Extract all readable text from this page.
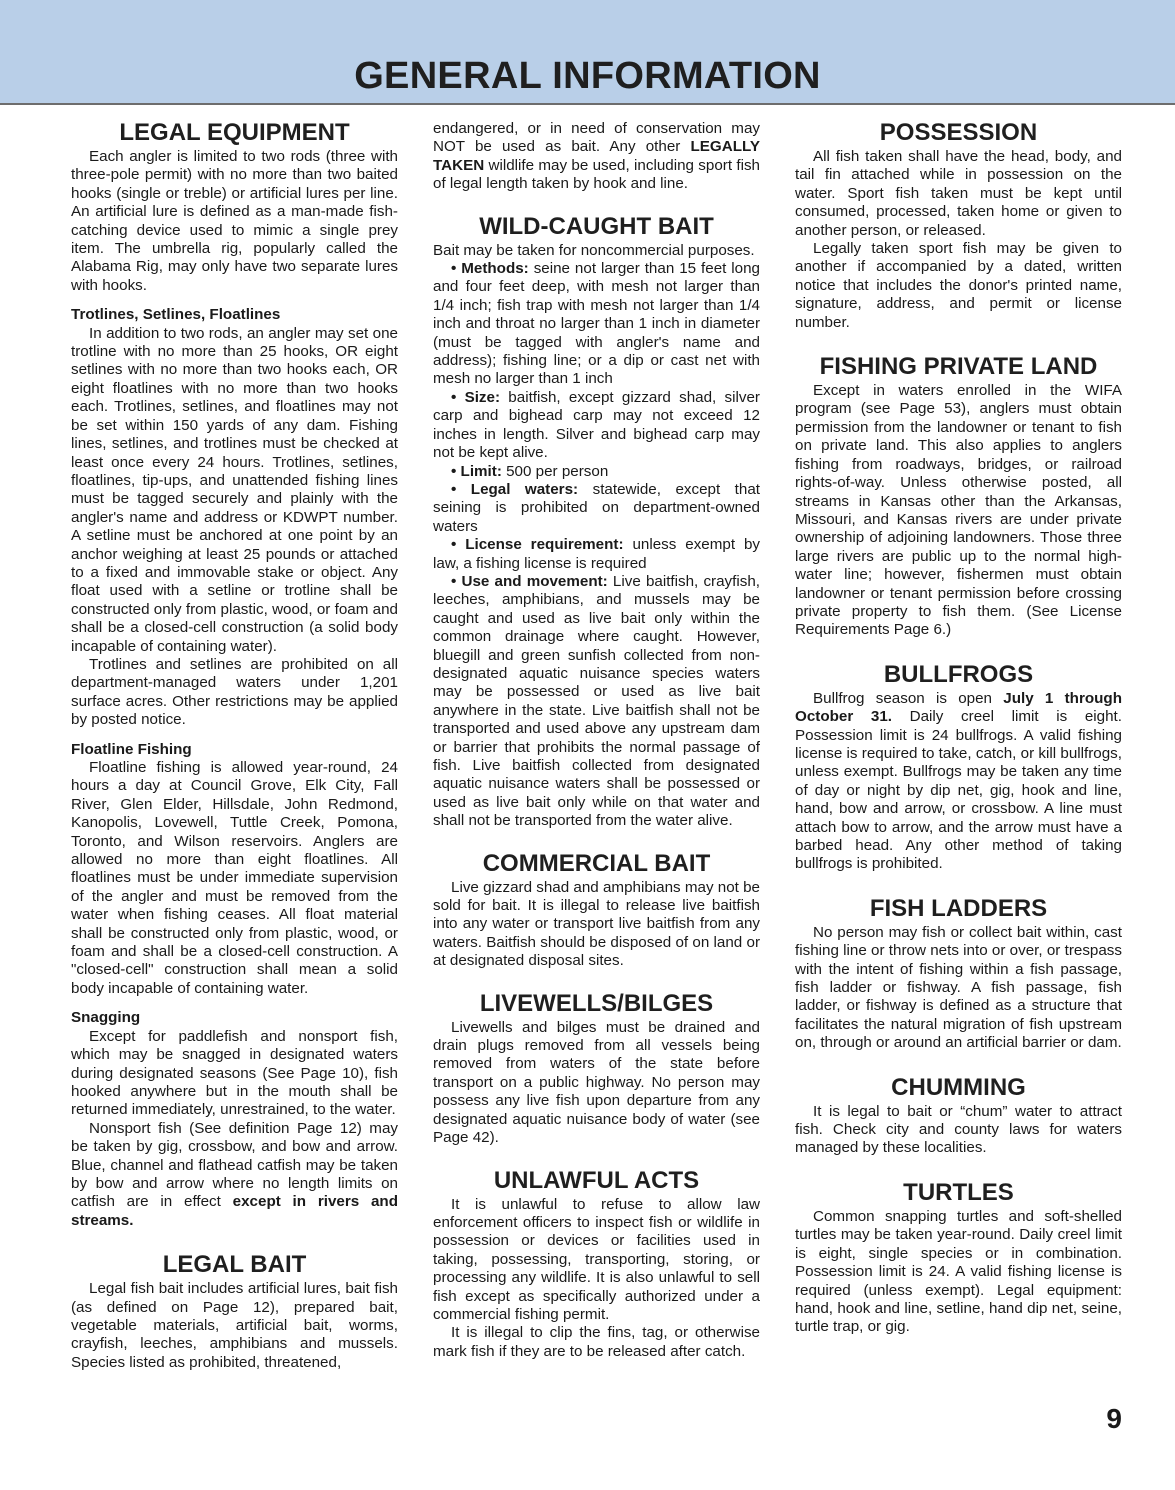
GENERAL INFORMATION
LEGAL EQUIPMENT

Each angler is limited to two rods (three with three-pole permit) with no more than two baited hooks (single or treble) or artificial lures per line. An artificial lure is defined as a man-made fish-catching device used to mimic a single prey item. The umbrella rig, popularly called the Alabama Rig, may only have two separate lures with hooks.

Trotlines, Setlines, Floatlines

In addition to two rods, an angler may set one trotline with no more than 25 hooks, OR eight setlines with no more than two hooks each, OR eight floatlines with no more than two hooks each. Trotlines, setlines, and floatlines may not be set within 150 yards of any dam. Fishing lines, setlines, and trotlines must be checked at least once every 24 hours. Trotlines, setlines, floatlines, tip-ups, and unattended fishing lines must be tagged securely and plainly with the angler's name and address or KDWPT number. A setline must be anchored at one point by an anchor weighing at least 25 pounds or attached to a fixed and immovable stake or object. Any float used with a setline or trotline shall be constructed only from plastic, wood, or foam and shall be a closed-cell construction (a solid body incapable of containing water).

Trotlines and setlines are prohibited on all department-managed waters under 1,201 surface acres. Other restrictions may be applied by posted notice.

Floatline Fishing

Floatline fishing is allowed year-round, 24 hours a day at Council Grove, Elk City, Fall River, Glen Elder, Hillsdale, John Redmond, Kanopolis, Lovewell, Tuttle Creek, Pomona, Toronto, and Wilson reservoirs. Anglers are allowed no more than eight floatlines. All floatlines must be under immediate supervision of the angler and must be removed from the water when fishing ceases. All float material shall be constructed only from plastic, wood, or foam and shall be a closed-cell construction. A "closed-cell" construction shall mean a solid body incapable of containing water.

Snagging

Except for paddlefish and nonsport fish, which may be snagged in designated waters during designated seasons (See Page 10), fish hooked anywhere but in the mouth shall be returned immediately, unrestrained, to the water.

Nonsport fish (See definition Page 12) may be taken by gig, crossbow, and bow and arrow. Blue, channel and flathead catfish may be taken by bow and arrow where no length limits on catfish are in effect except in rivers and streams.

LEGAL BAIT

Legal fish bait includes artificial lures, bait fish (as defined on Page 12), prepared bait, vegetable materials, artificial bait, worms, crayfish, leeches, amphibians and mussels. Species listed as prohibited, threatened,

endangered, or in need of conservation may NOT be used as bait. Any other LEGALLY TAKEN wildlife may be used, including sport fish of legal length taken by hook and line.

WILD-CAUGHT BAIT

Bait may be taken for noncommercial purposes.

• Methods: seine not larger than 15 feet long and four feet deep, with mesh not larger than 1/4 inch; fish trap with mesh not larger than 1/4 inch and throat no larger than 1 inch in diameter (must be tagged with angler's name and address); fishing line; or a dip or cast net with mesh no larger than 1 inch

• Size: baitfish, except gizzard shad, silver carp and bighead carp may not exceed 12 inches in length. Silver and bighead carp may not be kept alive.

• Limit: 500 per person

• Legal waters: statewide, except that seining is prohibited on department-owned waters

• License requirement: unless exempt by law, a fishing license is required

• Use and movement: Live baitfish, crayfish, leeches, amphibians, and mussels may be caught and used as live bait only within the common drainage where caught. However, bluegill and green sunfish collected from non-designated aquatic nuisance species waters may be possessed or used as live bait anywhere in the state. Live baitfish shall not be transported and used above any upstream dam or barrier that prohibits the normal passage of fish. Live baitfish collected from designated aquatic nuisance waters shall be possessed or used as live bait only while on that water and shall not be transported from the water alive.

COMMERCIAL BAIT

Live gizzard shad and amphibians may not be sold for bait. It is illegal to release live baitfish into any water or transport live baitfish from any waters. Baitfish should be disposed of on land or at designated disposal sites.

LIVEWELLS/BILGES

Livewells and bilges must be drained and drain plugs removed from all vessels being removed from waters of the state before transport on a public highway. No person may possess any live fish upon departure from any designated aquatic nuisance body of water (see Page 42).

UNLAWFUL ACTS

It is unlawful to refuse to allow law enforcement officers to inspect fish or wildlife in possession or devices or facilities used in taking, possessing, transporting, storing, or processing any wildlife. It is also unlawful to sell fish except as specifically authorized under a commercial fishing permit.

It is illegal to clip the fins, tag, or otherwise mark fish if they are to be released after catch.

POSSESSION

All fish taken shall have the head, body, and tail fin attached while in possession on the water. Sport fish taken must be kept until consumed, processed, taken home or given to another person, or released.

Legally taken sport fish may be given to another if accompanied by a dated, written notice that includes the donor's printed name, signature, address, and permit or license number.

FISHING PRIVATE LAND

Except in waters enrolled in the WIFA program (see Page 53), anglers must obtain permission from the landowner or tenant to fish on private land. This also applies to anglers fishing from roadways, bridges, or railroad rights-of-way. Unless otherwise posted, all streams in Kansas other than the Arkansas, Missouri, and Kansas rivers are under private ownership of adjoining landowners. Those three large rivers are public up to the normal high-water line; however, fishermen must obtain landowner or tenant permission before crossing private property to fish them. (See License Requirements Page 6.)

BULLFROGS

Bullfrog season is open July 1 through October 31. Daily creel limit is eight. Possession limit is 24 bullfrogs. A valid fishing license is required to take, catch, or kill bullfrogs, unless exempt. Bullfrogs may be taken any time of day or night by dip net, gig, hook and line, hand, bow and arrow, or crossbow. A line must attach bow to arrow, and the arrow must have a barbed head. Any other method of taking bullfrogs is prohibited.

FISH LADDERS

No person may fish or collect bait within, cast fishing line or throw nets into or over, or trespass with the intent of fishing within a fish passage, fish ladder or fishway. A fish passage, fish ladder, or fishway is defined as a structure that facilitates the natural migration of fish upstream on, through or around an artificial barrier or dam.

CHUMMING

It is legal to bait or “chum” water to attract fish. Check city and county laws for waters managed by these localities.

TURTLES

Common snapping turtles and soft-shelled turtles may be taken year-round. Daily creel limit is eight, single species or in combination. Possession limit is 24. A valid fishing license is required (unless exempt). Legal equipment: hand, hook and line, setline, hand dip net, seine, turtle trap, or gig.

9
